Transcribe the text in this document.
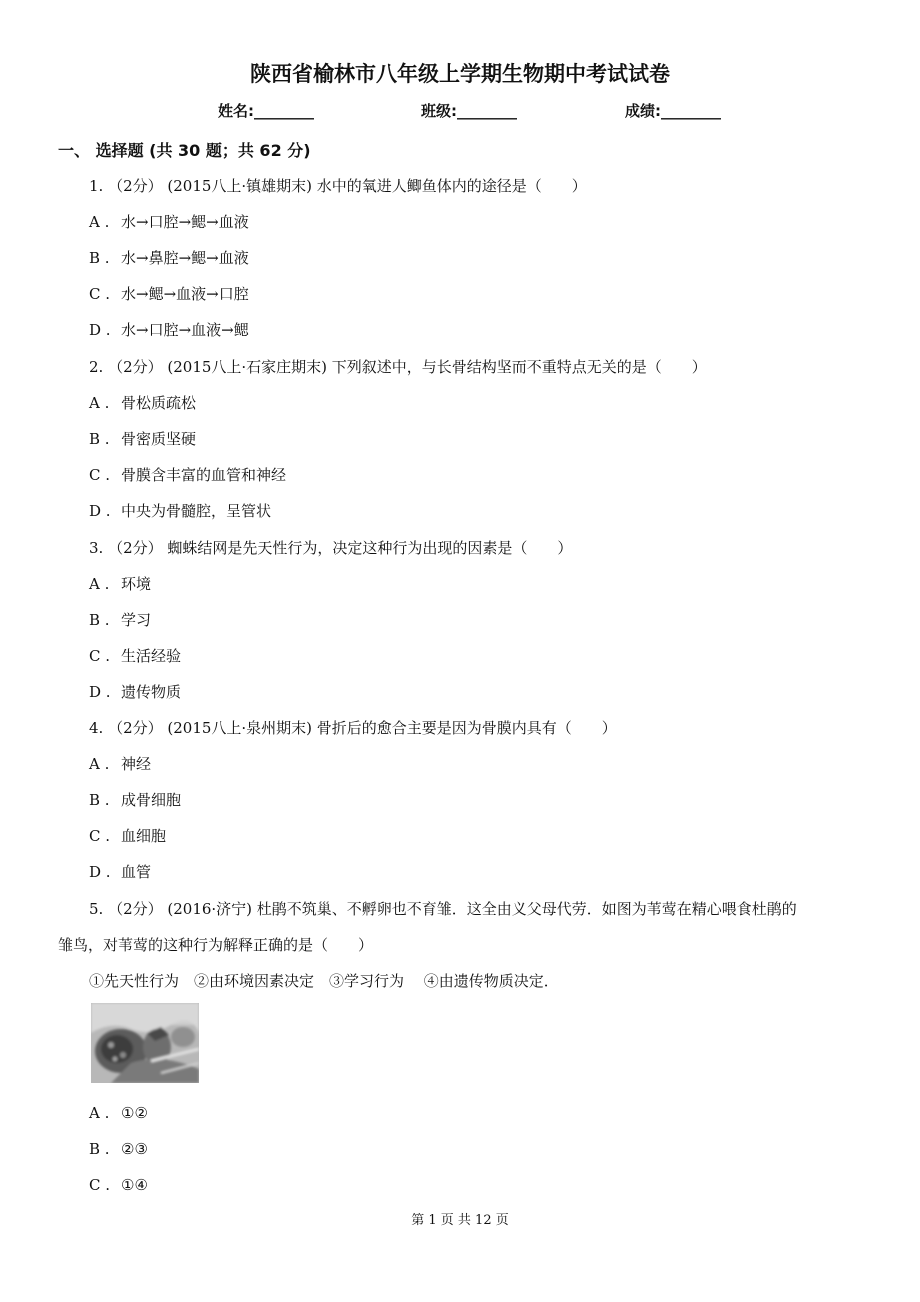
陕西省榆林市八年级上学期生物期中考试试卷
姓名:________	班级:________	成绩:________
一、 选择题 (共 30 题；共 62 分)
1. （2分） (2015八上·镇雄期末) 水中的氧进人鲫鱼体内的途径是（　　）
A . 水→口腔→鳃→血液
B . 水→鼻腔→鳃→血液
C . 水→鳃→血液→口腔
D . 水→口腔→血液→鳃
2. （2分） (2015八上·石家庄期末) 下列叙述中，与长骨结构坚而不重特点无关的是（　　）
A . 骨松质疏松
B . 骨密质坚硬
C . 骨膜含丰富的血管和神经
D . 中央为骨髓腔，呈管状
3. （2分） 蜘蛛结网是先天性行为，决定这种行为出现的因素是（　　）
A . 环境
B . 学习
C . 生活经验
D . 遗传物质
4. （2分） (2015八上·泉州期末) 骨折后的愈合主要是因为骨膜内具有（　　）
A . 神经
B . 成骨细胞
C . 血细胞
D . 血管
5. （2分） (2016·济宁) 杜鹃不筑巢、不孵卵也不育雏．这全由义父母代劳．如图为苇莺在精心喂食杜鹃的
雏鸟，对苇莺的这种行为解释正确的是（　　）
①先天性行为　②由环境因素决定　③学习行为　 ④由遗传物质决定．
A . ①②
B . ②③
C . ①④
第 1 页 共 12 页
